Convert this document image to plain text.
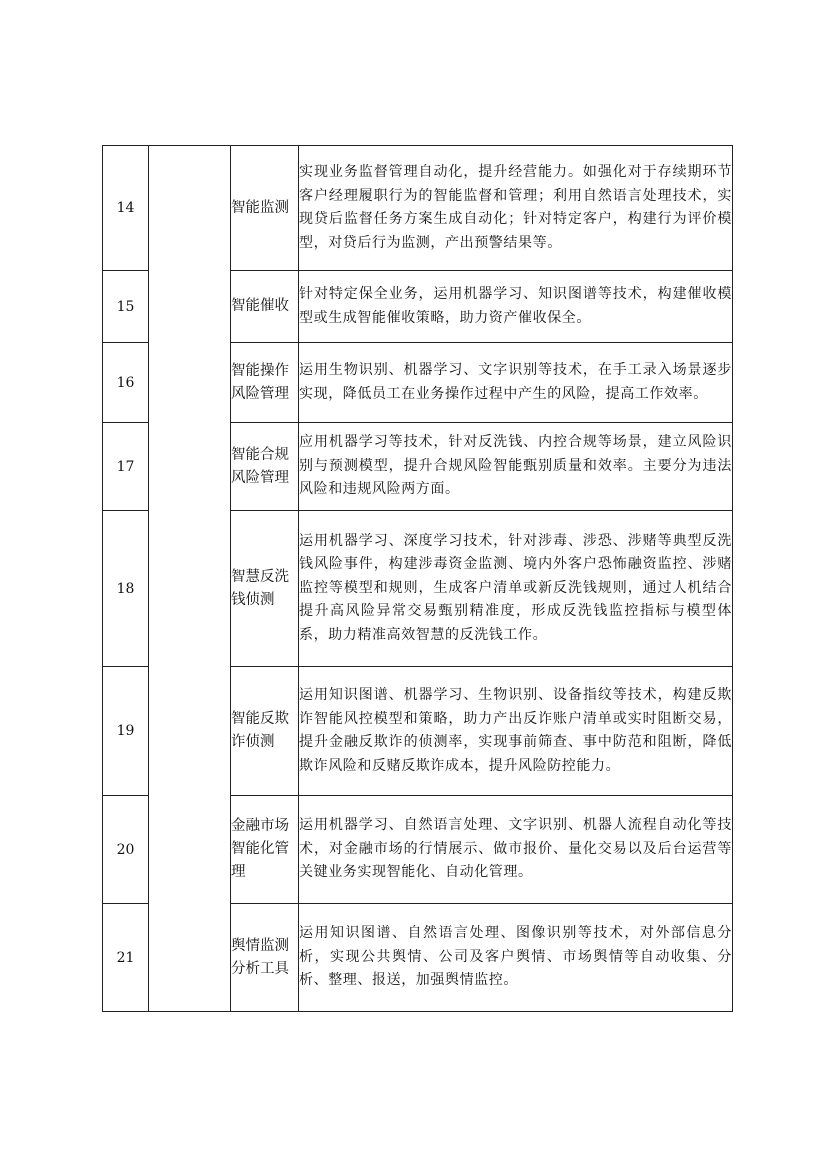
14		智能监测	实现业务监督管理自动化，提升经营能力。如强化对于存续期环节客户经理履职行为的智能监督和管理；利用自然语言处理技术，实现贷后监督任务方案生成自动化；针对特定客户，构建行为评价模型，对贷后行为监测，产出预警结果等。
15		智能催收	针对特定保全业务，运用机器学习、知识图谱等技术，构建催收模型或生成智能催收策略，助力资产催收保全。
16		智能操作风险管理	运用生物识别、机器学习、文字识别等技术，在手工录入场景逐步实现，降低员工在业务操作过程中产生的风险，提高工作效率。
17		智能合规风险管理	应用机器学习等技术，针对反洗钱、内控合规等场景，建立风险识别与预测模型，提升合规风险智能甄别质量和效率。主要分为违法风险和违规风险两方面。
18		智慧反洗钱侦测	运用机器学习、深度学习技术，针对涉毒、涉恐、涉赌等典型反洗钱风险事件，构建涉毒资金监测、境内外客户恐怖融资监控、涉赌监控等模型和规则，生成客户清单或新反洗钱规则，通过人机结合提升高风险异常交易甄别精准度，形成反洗钱监控指标与模型体系，助力精准高效智慧的反洗钱工作。
19		智能反欺诈侦测	运用知识图谱、机器学习、生物识别、设备指纹等技术，构建反欺诈智能风控模型和策略，助力产出反诈账户清单或实时阻断交易，提升金融反欺诈的侦测率，实现事前筛查、事中防范和阻断，降低欺诈风险和反赌反欺诈成本，提升风险防控能力。
20		金融市场智能化管理	运用机器学习、自然语言处理、文字识别、机器人流程自动化等技术，对金融市场的行情展示、做市报价、量化交易以及后台运营等关键业务实现智能化、自动化管理。
21		舆情监测分析工具	运用知识图谱、自然语言处理、图像识别等技术，对外部信息分析，实现公共舆情、公司及客户舆情、市场舆情等自动收集、分析、整理、报送，加强舆情监控。
